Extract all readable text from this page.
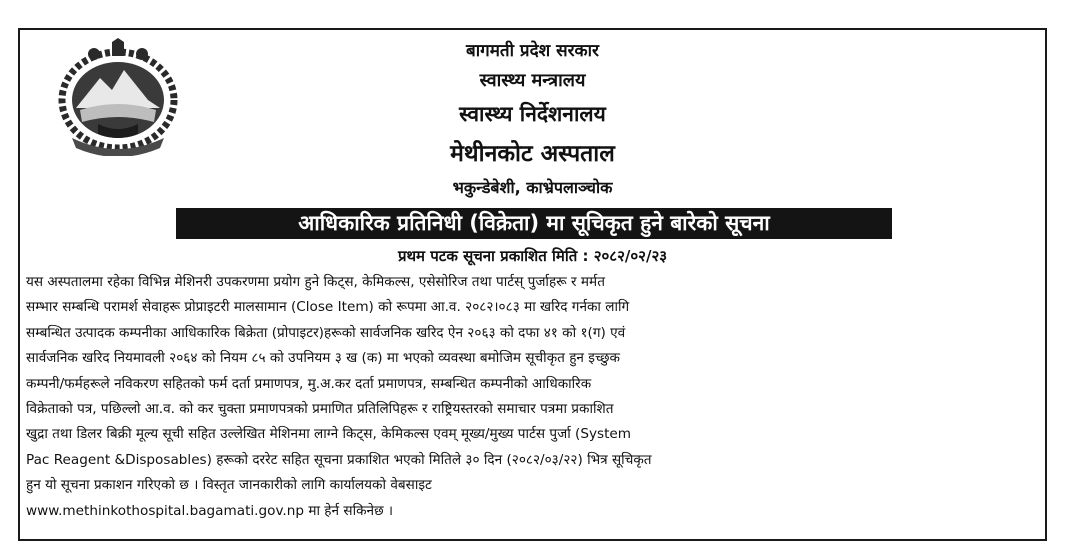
बागमती प्रदेश सरकार
स्वास्थ्य मन्त्रालय
स्वास्थ्य निर्देशनालय
मेथीनकोट अस्पताल
भकुन्डेबेशी, काभ्रेपलाञ्चोक
आधिकारिक प्रतिनिधी (विक्रेता) मा सूचिकृत हुने बारेको सूचना
प्रथम पटक सूचना प्रकाशित मिति : २०८२/०२/२३
यस अस्पतालमा रहेका विभिन्न मेशिनरी उपकरणमा प्रयोग हुने किट्स, केमिकल्स, एसेसोरिज तथा पार्टस् पुर्जाहरू र मर्मत
सम्भार सम्बन्धि परामर्श सेवाहरू प्रोप्राइटरी मालसामान (Close Item) को रूपमा आ.व. २०८२।०८३ मा खरिद गर्नका लागि
सम्बन्धित उत्पादक कम्पनीका आधिकारिक बिक्रेता (प्रोपाइटर)हरूको सार्वजनिक खरिद ऐन २०६३ को दफा ४१ को १(ग) एवं
सार्वजनिक खरिद नियमावली २०६४ को नियम ८५ को उपनियम ३ ख (क) मा भएको व्यवस्था बमोजिम सूचीकृत हुन इच्छुक
कम्पनी/फर्महरूले नविकरण सहितको फर्म दर्ता प्रमाणपत्र, मु.अ.कर दर्ता प्रमाणपत्र, सम्बन्धित कम्पनीको आधिकारिक
विक्रेताको पत्र, पछिल्लो आ.व. को कर चुक्ता प्रमाणपत्रको प्रमाणित प्रतिलिपिहरू र राष्ट्रियस्तरको समाचार पत्रमा प्रकाशित
खुद्रा तथा डिलर बिक्री मूल्य सूची सहित उल्लेखित मेशिनमा लाग्ने किट्स, केमिकल्स एवम् मूख्य/मुख्य पार्टस पुर्जा (System
Pac Reagent &Disposables) हरूको दररेट सहित सूचना प्रकाशित भएको मितिले ३० दिन (२०८२/०३/२२) भित्र सूचिकृत
हुन यो सूचना प्रकाशन गरिएको छ । विस्तृत जानकारीको लागि कार्यालयको वेबसाइट
www.methinkothospital.bagamati.gov.np मा हेर्न सकिनेछ ।
